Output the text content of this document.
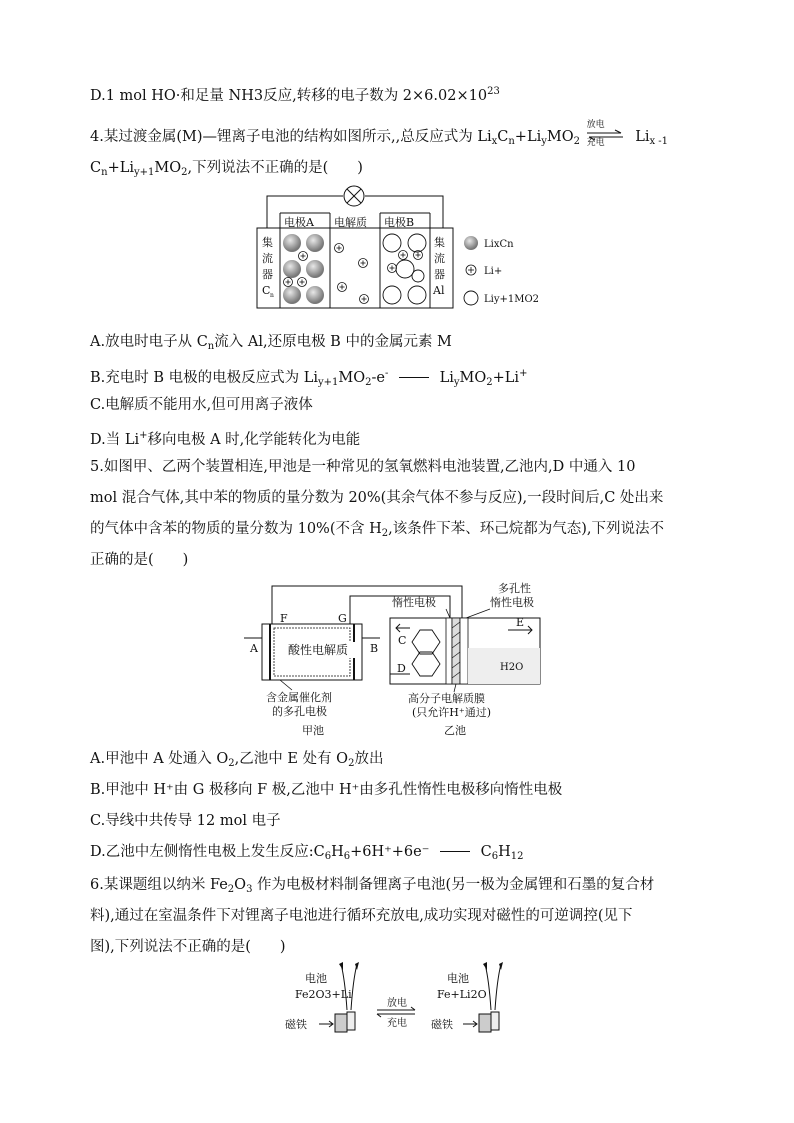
D.1 mol HO·和足量 NH3反应,转移的电子数为 $2\times 6.02\times 10^{23}$
4.某过渡金属(M)—锂离子电池的结构如图所示,,总反应式为 $Li_xC_n+Li_yMO_2$
放电
充电 $Li_{x -1}$
$C_n+Li_{y+1}MO_2$,下列说法不正确的是(　　)
电极A 电解质 电极B
集
流
器
C n
集
流
器
Al
LixCn
Li+
Liy+1MO2
A.放电时电子从 $C_n$流入 Al,还原电极 B 中的金属元素 M
B.充电时 B 电极的电极反应式为 $Li_{y+1}MO_2-e^-$	$Li_yMO_2+Li^+$
C.电解质不能用水,但可用离子液体
D.当 Li+移向电极 A 时,化学能转化为电能
5.如图甲、乙两个装置相连,甲池是一种常见的氢氧燃料电池装置,乙池内,D 中通入 10
mol 混合气体,其中苯的物质的量分数为 20%(其余气体不参与反应),一段时间后,C 处出来
的气体中含苯的物质的量分数为 10%(不含 $H_2$,该条件下苯、环己烷都为气态),下列说法不
正确的是(　　)
酸性电解质
F	G
A	B
含金属催化剂
的多孔电极
甲池
H2O
C
D
E
惰性电极
多孔性
惰性电极
高分子电解质膜
(只允许H⁺通过)
乙池
A.甲池中 A 处通入 $O_2$,乙池中 E 处有 $O_2$放出
B.甲池中 H⁺由 G 极移向 F 极,乙池中 H⁺由多孔性惰性电极移向惰性电极
C.导线中共传导 12 mol 电子
D.乙池中左侧惰性电极上发生反应$:C_6H_6+6H^++6e^-$	$C_6H_{12}$
6.某课题组以纳米 $Fe_2O_3$ 作为电极材料制备锂离子电池(另一极为金属锂和石墨的复合材
料),通过在室温条件下对锂离子电池进行循环充放电,成功实现对磁性的可逆调控(见下
图),下列说法不正确的是(　　)
电池
Fe2O3+Li
磁铁
放电
充电
电池
Fe+Li2O
磁铁
